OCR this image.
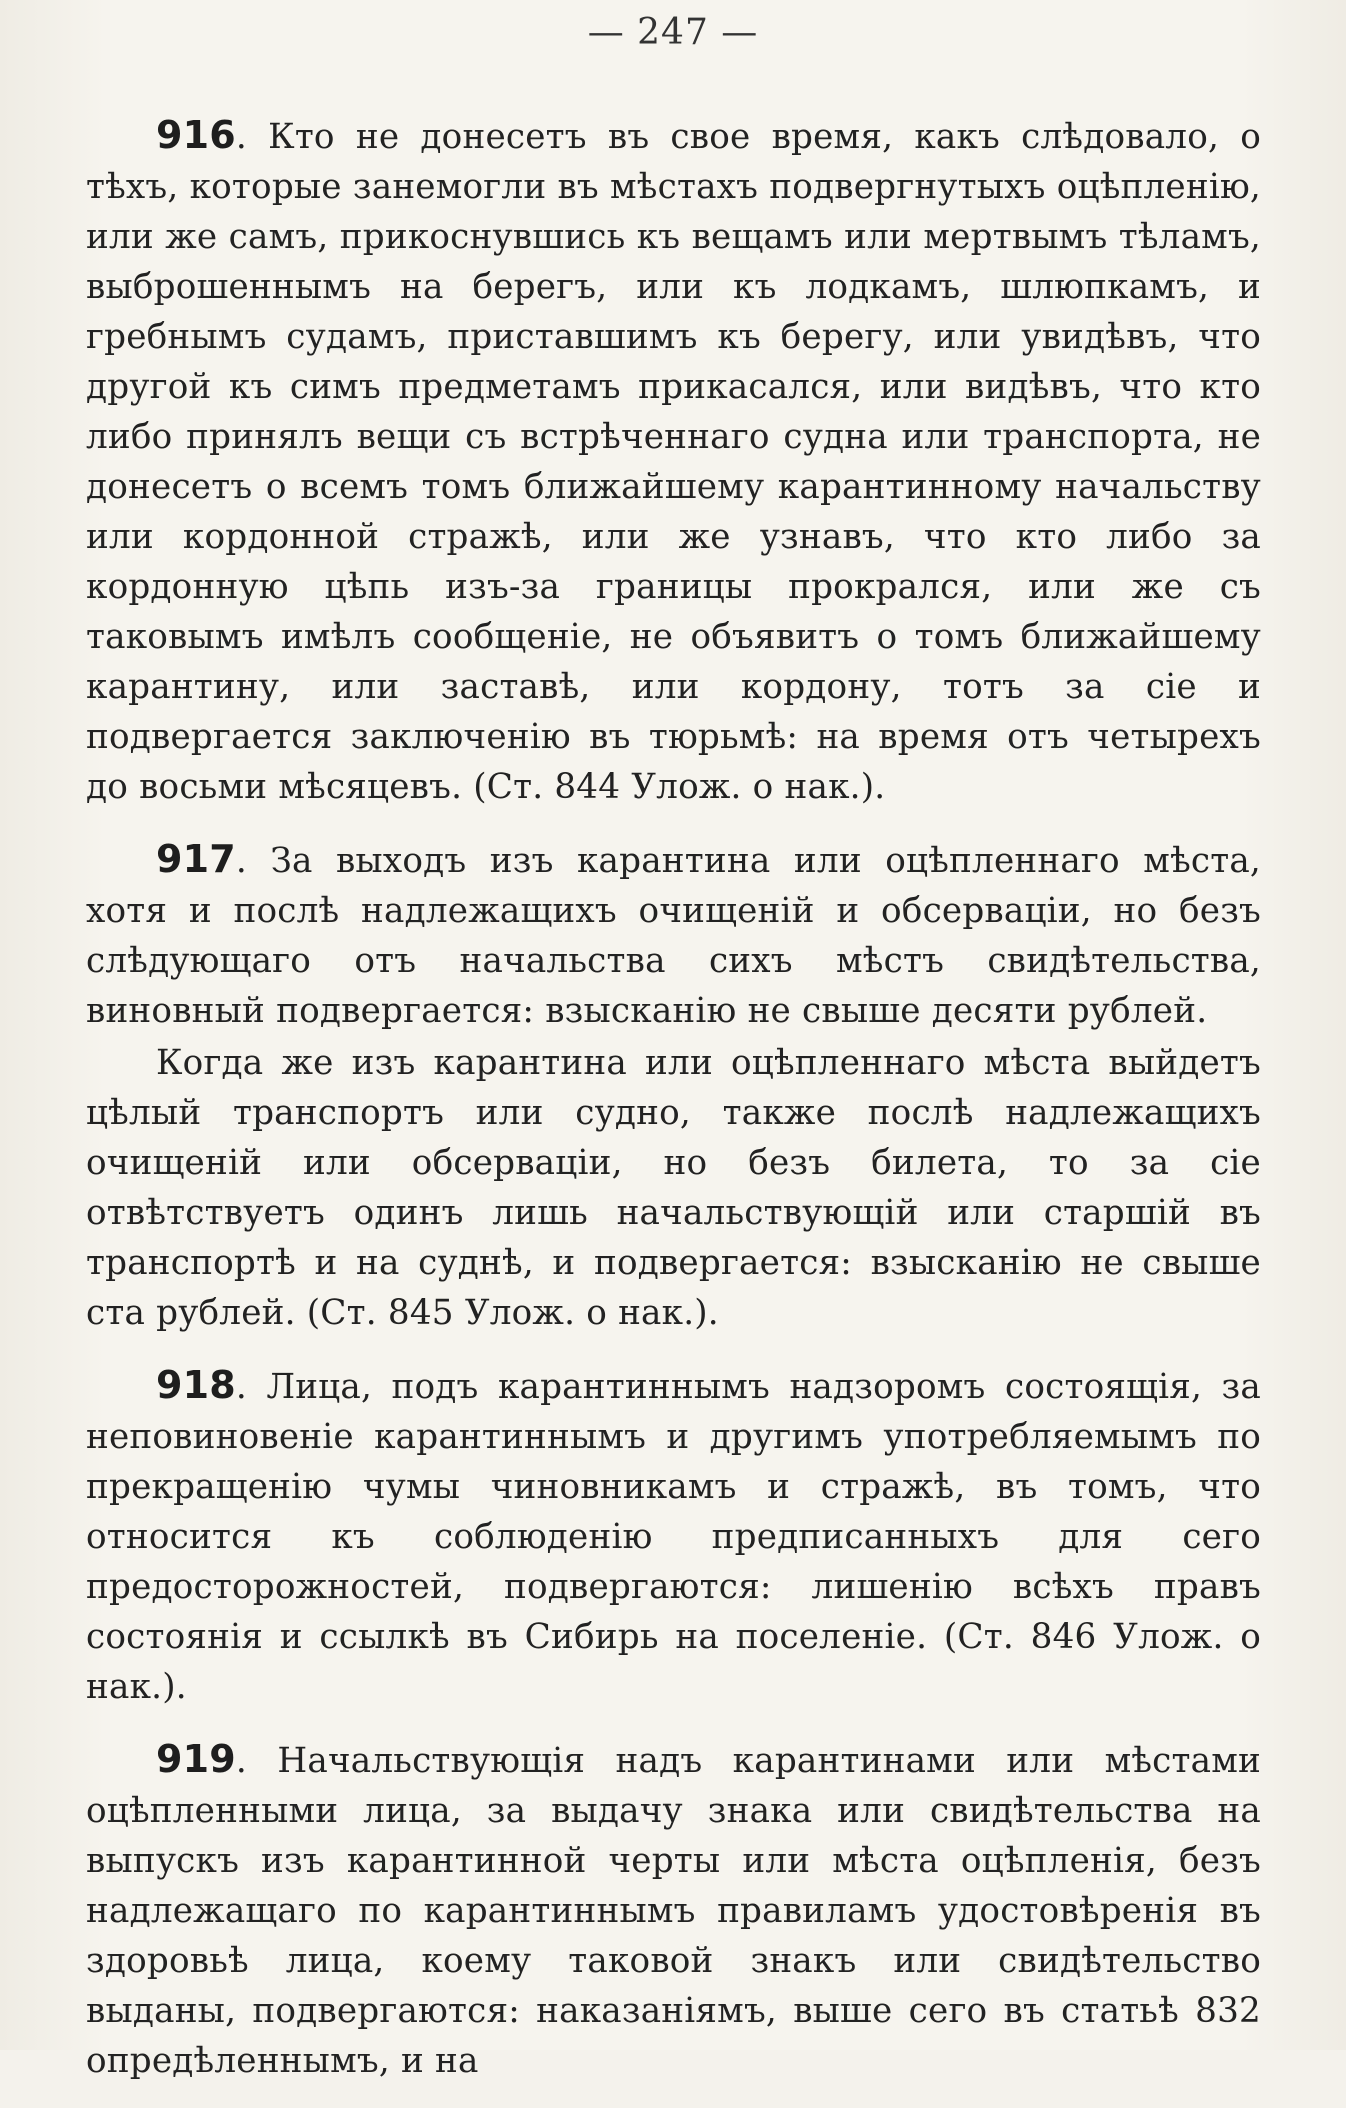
— 247 —

916. Кто не донесетъ въ свое время, какъ слѣдовало, о тѣхъ, которые занемогли въ мѣстахъ подвергнутыхъ оцѣпленію, или же самъ, прикоснувшись къ вещамъ или мертвымъ тѣламъ, выброшеннымъ на берегъ, или къ лодкамъ, шлюпкамъ, и гребнымъ судамъ, приставшимъ къ берегу, или увидѣвъ, что другой къ симъ предметамъ прикасался, или видѣвъ, что кто либо принялъ вещи съ встрѣченнаго судна или транспорта, не донесетъ о всемъ томъ ближайшему карантинному начальству или кордонной стражѣ, или же узнавъ, что кто либо за кордонную цѣпь изъ-за границы прокрался, или же съ таковымъ имѣлъ сообщеніе, не объявитъ о томъ ближайшему карантину, или заставѣ, или кордону, тотъ за сіе и подвергается заключенію въ тюрьмѣ: на время отъ четырехъ до восьми мѣсяцевъ. (Ст. 844 Улож. о нак.).

917. За выходъ изъ карантина или оцѣпленнаго мѣста, хотя и послѣ надлежащихъ очищеній и обсерваціи, но безъ слѣдующаго отъ начальства сихъ мѣстъ свидѣтельства, виновный подвергается: взысканію не свыше десяти рублей.

Когда же изъ карантина или оцѣпленнаго мѣста выйдетъ цѣлый транспортъ или судно, также послѣ надлежащихъ очищеній или обсерваціи, но безъ билета, то за сіе отвѣтствуетъ одинъ лишь начальствующій или старшій въ транспортѣ и на суднѣ, и подвергается: взысканію не свыше ста рублей. (Ст. 845 Улож. о нак.).

918. Лица, подъ карантиннымъ надзоромъ состоящія, за неповиновеніе карантиннымъ и другимъ употребляемымъ по прекращенію чумы чиновникамъ и стражѣ, въ томъ, что относится къ соблюденію предписанныхъ для сего предосторожностей, подвергаются: лишенію всѣхъ правъ состоянія и ссылкѣ въ Сибирь на поселеніе. (Ст. 846 Улож. о нак.).

919. Начальствующія надъ карантинами или мѣстами оцѣпленными лица, за выдачу знака или свидѣтельства на выпускъ изъ карантинной черты или мѣста оцѣпленія, безъ надлежащаго по карантиннымъ правиламъ удостовѣренія въ здоровьѣ лица, коему таковой знакъ или свидѣтельство выданы, подвергаются: наказаніямъ, выше сего въ статьѣ 832 опредѣленнымъ, и на
